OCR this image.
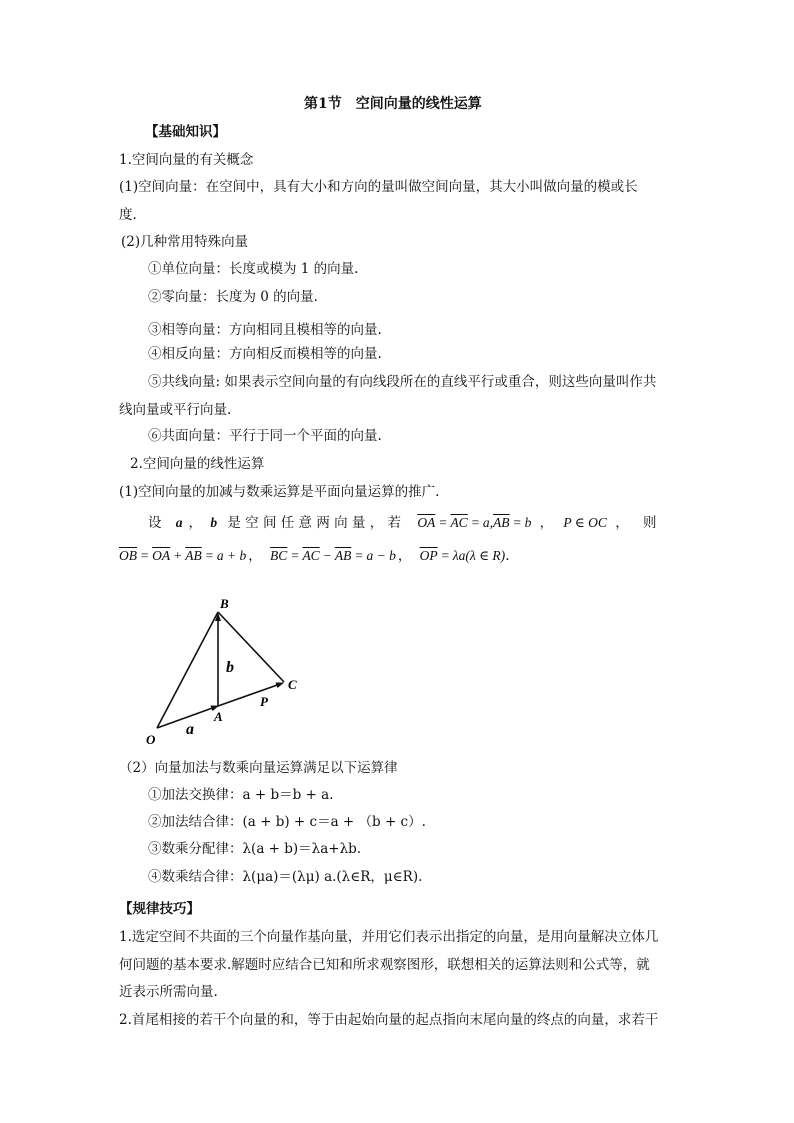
第1节　空间向量的线性运算
【基础知识】
1.空间向量的有关概念
(1)空间向量：在空间中，具有大小和方向的量叫做空间向量，其大小叫做向量的模或长
度.
(2)几种常用特殊向量
①单位向量：长度或模为 1 的向量.
②零向量：长度为 0 的向量.
③相等向量：方向相同且模相等的向量.
④相反向量：方向相反而模相等的向量.
⑤共线向量: 如果表示空间向量的有向线段所在的直线平行或重合，则这些向量叫作共
线向量或平行向量.
⑥共面向量：平行于同一个平面的向量.
2.空间向量的线性运算
(1)空间向量的加减与数乘运算是平面向量运算的推广.
设 a ， b 是 空 间 任 意 两 向 量 ， 若 $\overline{OA} = \overline{AC} = a,\overline{AB} = b$ ， P ∈ OC ， 则
$\overline{OB} = \overline{OA} + \overline{AB} = a + b$ ， $\overline{BC} = \overline{AC} - \overline{AB} = a - b$ ， $\overline{OP} = \lambda a(\lambda$ ∈ R).
B
C
O
A
P
a
b
（2）向量加法与数乘向量运算满足以下运算律
①加法交换律：a + b＝b + a.
②加法结合律：(a + b) + c＝a + （b + c）.
③数乘分配律：λ(a + b)＝λa+λb.
④数乘结合律：λ(μa)＝(λμ) a.(λ∈R，μ∈R).
【规律技巧】
1.选定空间不共面的三个向量作基向量，并用它们表示出指定的向量，是用向量解决立体几
何问题的基本要求.解题时应结合已知和所求观察图形，联想相关的运算法则和公式等，就
近表示所需向量.
2.首尾相接的若干个向量的和，等于由起始向量的起点指向末尾向量的终点的向量，求若干
